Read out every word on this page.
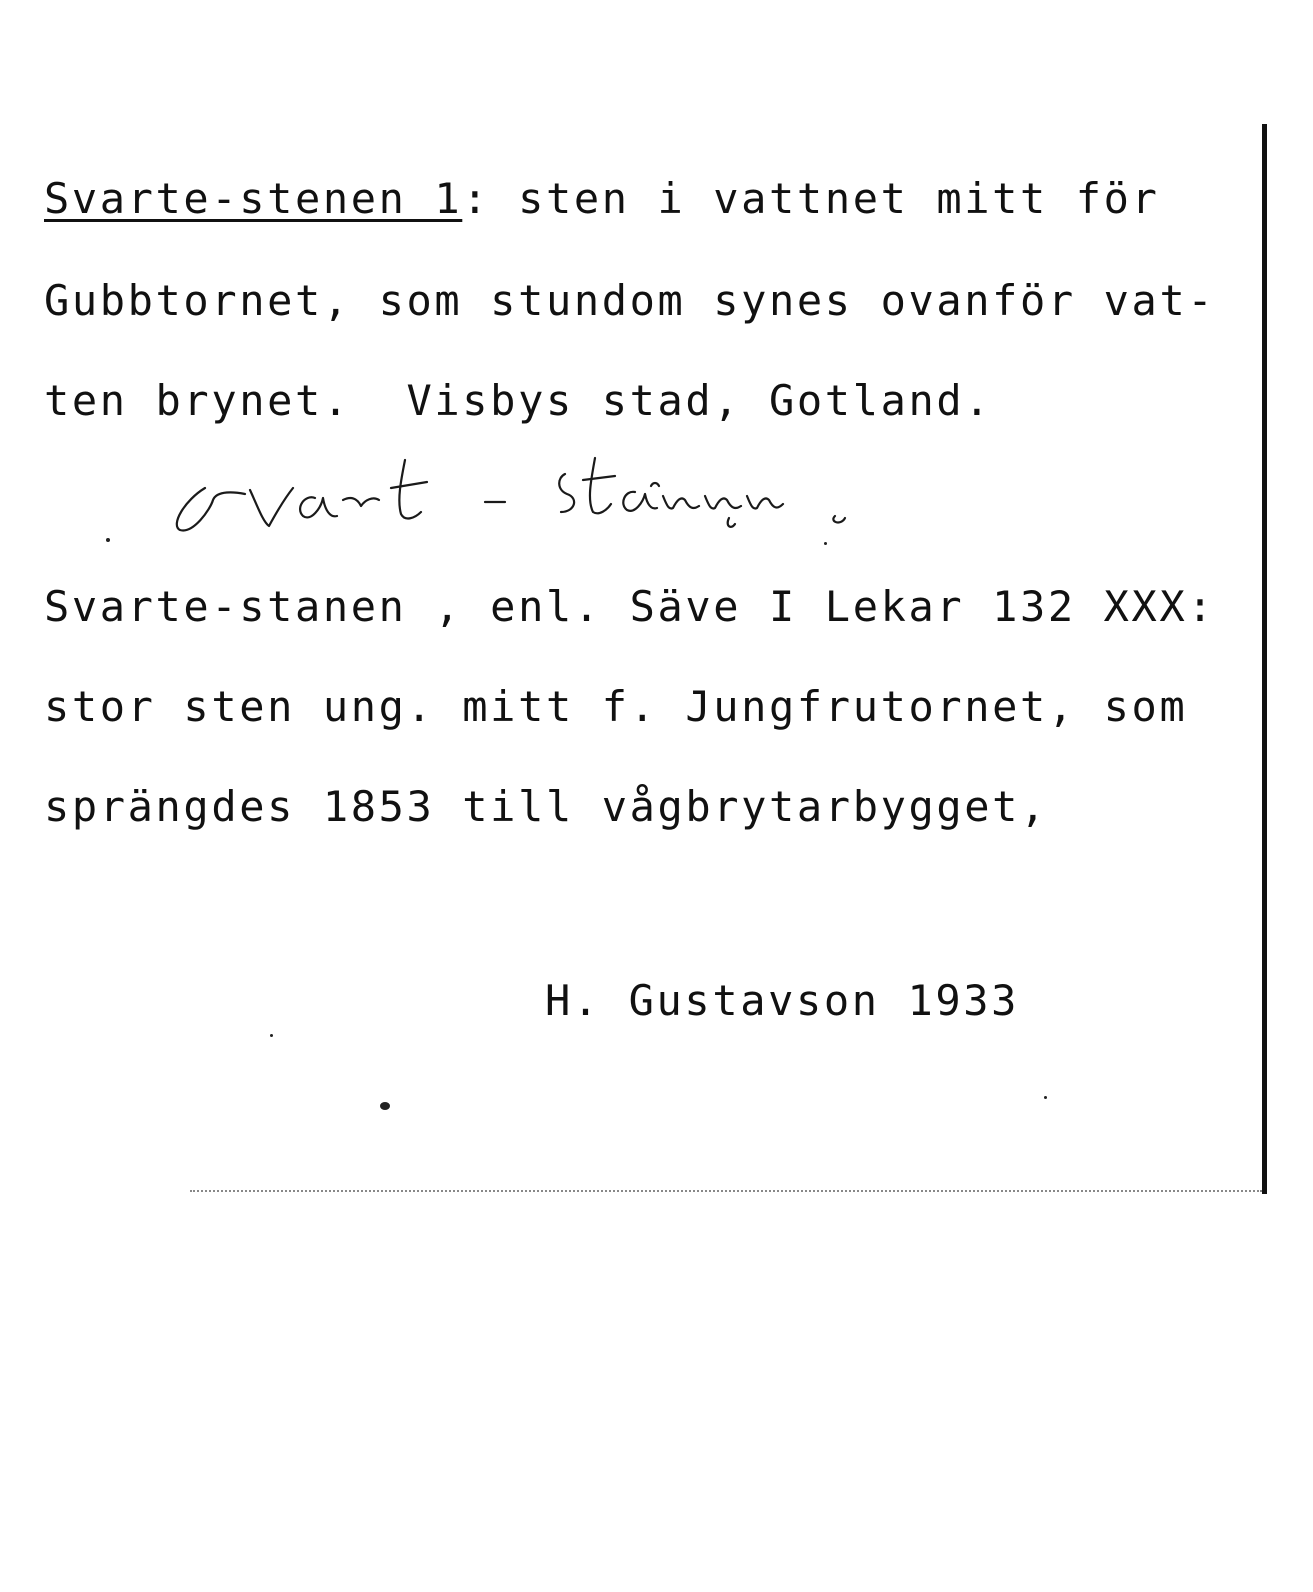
Svarte-stenen 1: sten i vattnet mitt för
Gubbtornet, som stundom synes ovanför vat-
ten brynet.  Visbys stad, Gotland.
Svarte-stanen , enl. Säve I Lekar 132 XXX:
stor sten ung. mitt f. Jungfrutornet, som
sprängdes 1853 till vågbrytarbygget,
H. Gustavson 1933
